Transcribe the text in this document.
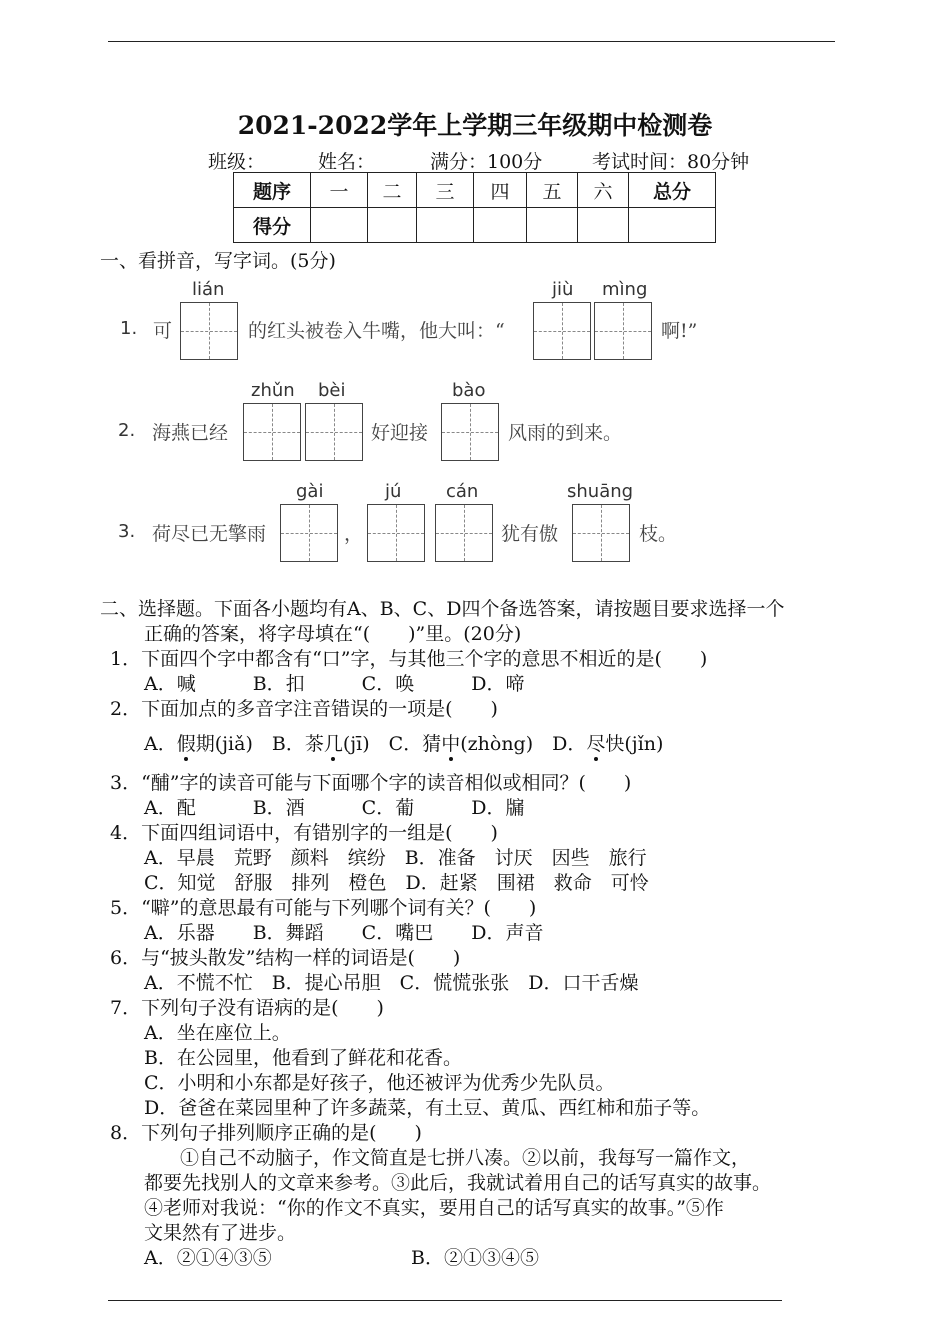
2021-2022学年上学期三年级期中检测卷
班级：	姓名：	满分：100分	考试时间：80分钟
题序	一	二	三	四	五	六	总分
得分							
一、看拼音，写字词。(5分)
lián	jiù mìng
1. 可	的红头被卷入牛嘴，他大叫：“	啊!”
zhǔn bèi	bào
2. 海燕已经	好迎接	风雨的到来。
gài	jú cán	shuāng
3. 荷尽已无擎雨	，	犹有傲	枝。
二、选择题。下面各小题均有A、B、C、D四个备选答案，请按题目要求选择一个
正确的答案，将字母填在“(　　)”里。(20分)
1．下面四个字中都含有“口”字，与其他三个字的意思不相近的是(　　)
A．喊　　　B．扣　　　C．唤　　　D．啼
2．下面加点的多音字注音错误的一项是(　　)
A．假期(jiǎ)　B．茶几(jī)　C．猜中(zhòng)　D．尽快(jǐn)
3．“酺”字的读音可能与下面哪个字的读音相似或相同？(　　)
A．配　　　B．酒　　　C．葡　　　D．牖
4．下面四组词语中，有错别字的一组是(　　)
A．早晨　荒野　颜料　缤纷　B．准备　讨厌　因些　旅行
C．知觉　舒服　排列　橙色　D．赶紧　围裙　救命　可怜
5．“噼”的意思最有可能与下列哪个词有关？(　　)
A．乐器　　B．舞蹈　　C．嘴巴　　D．声音
6．与“披头散发”结构一样的词语是(　　)
A．不慌不忙　B．提心吊胆　C．慌慌张张　D．口干舌燥
7．下列句子没有语病的是(　　)
A．坐在座位上。
B．在公园里，他看到了鲜花和花香。
C．小明和小东都是好孩子，他还被评为优秀少先队员。
D．爸爸在菜园里种了许多蔬菜，有土豆、黄瓜、西红柿和茄子等。
8．下列句子排列顺序正确的是(　　)
①自己不动脑子，作文简直是七拼八凑。②以前，我每写一篇作文，
都要先找别人的文章来参考。③此后，我就试着用自己的话写真实的故事。
④老师对我说：“你的作文不真实，要用自己的话写真实的故事。”⑤作
文果然有了进步。
A．②①④③⑤	B．②①③④⑤
